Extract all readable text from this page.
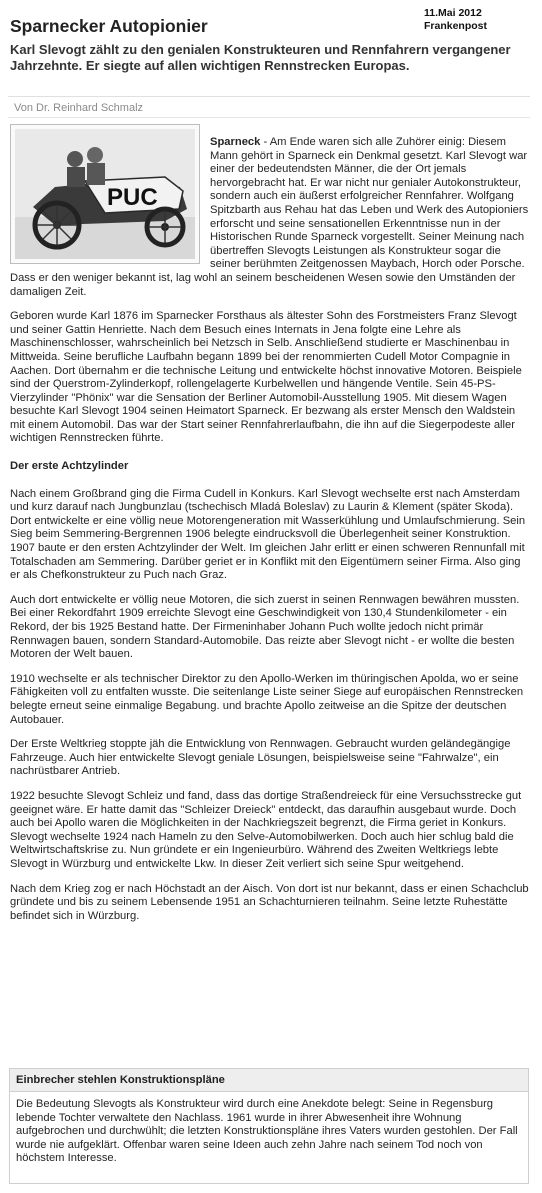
11.Mai 2012
Frankenpost
Sparnecker Autopionier
Karl Slevogt zählt zu den genialen Konstrukteuren und Rennfahrern vergangener Jahrzehnte. Er siegte auf allen wichtigen Rennstrecken Europas.
Von Dr. Reinhard Schmalz
PUC

Sparneck - Am Ende waren sich alle Zuhörer einig: Diesem Mann gehört in Sparneck ein Denkmal gesetzt. Karl Slevogt war einer der bedeutendsten Männer, die der Ort jemals hervorgebracht hat. Er war nicht nur genialer Autokonstrukteur, sondern auch ein äußerst erfolgreicher Rennfahrer. Wolfgang Spitzbarth aus Rehau hat das Leben und Werk des Autopioniers erforscht und seine sensationellen Erkenntnisse nun in der Historischen Runde Sparneck vorgestellt. Seiner Meinung nach übertreffen Slevogts Leistungen als Konstrukteur sogar die seiner berühmten Zeitgenossen Maybach, Horch oder Porsche. Dass er den weniger bekannt ist, lag wohl an seinem bescheidenen Wesen sowie den Umständen der damaligen Zeit.

Geboren wurde Karl 1876 im Sparnecker Forsthaus als ältester Sohn des Forstmeisters Franz Slevogt und seiner Gattin Henriette. Nach dem Besuch eines Internats in Jena folgte eine Lehre als Maschinenschlosser, wahrscheinlich bei Netzsch in Selb. Anschließend studierte er Maschinenbau in Mittweida. Seine berufliche Laufbahn begann 1899 bei der renommierten Cudell Motor Compagnie in Aachen. Dort übernahm er die technische Leitung und entwickelte höchst innovative Motoren. Beispiele sind der Querstrom-Zylinderkopf, rollengelagerte Kurbelwellen und hängende Ventile. Sein 45-PS-Vierzylinder "Phönix" war die Sensation der Berliner Automobil-Ausstellung 1905. Mit diesem Wagen besuchte Karl Slevogt 1904 seinen Heimatort Sparneck. Er bezwang als erster Mensch den Waldstein mit einem Automobil. Das war der Start seiner Rennfahrerlaufbahn, die ihn auf die Siegerpodeste aller wichtigen Rennstrecken führte.

Der erste Achtzylinder

Nach einem Großbrand ging die Firma Cudell in Konkurs. Karl Slevogt wechselte erst nach Amsterdam und kurz darauf nach Jungbunzlau (tschechisch Mladá Boleslav) zu Laurin & Klement (später Skoda). Dort entwickelte er eine völlig neue Motorengeneration mit Wasserkühlung und Umlaufschmierung. Sein Sieg beim Semmering-Bergrennen 1906 belegte eindrucksvoll die Überlegenheit seiner Konstruktion. 1907 baute er den ersten Achtzylinder der Welt. Im gleichen Jahr erlitt er einen schweren Rennunfall mit Totalschaden am Semmering. Darüber geriet er in Konflikt mit den Eigentümern seiner Firma. Also ging er als Chefkonstrukteur zu Puch nach Graz.

Auch dort entwickelte er völlig neue Motoren, die sich zuerst in seinen Rennwagen bewähren mussten. Bei einer Rekordfahrt 1909 erreichte Slevogt eine Geschwindigkeit von 130,4 Stundenkilometer - ein Rekord, der bis 1925 Bestand hatte. Der Firmeninhaber Johann Puch wollte jedoch nicht primär Rennwagen bauen, sondern Standard-Automobile. Das reizte aber Slevogt nicht - er wollte die besten Motoren der Welt bauen.

1910 wechselte er als technischer Direktor zu den Apollo-Werken im thüringischen Apolda, wo er seine Fähigkeiten voll zu entfalten wusste. Die seitenlange Liste seiner Siege auf europäischen Rennstrecken belegte erneut seine einmalige Begabung. und brachte Apollo zeitweise an die Spitze der deutschen Autobauer.

Der Erste Weltkrieg stoppte jäh die Entwicklung von Rennwagen. Gebraucht wurden geländegängige Fahrzeuge. Auch hier entwickelte Slevogt geniale Lösungen, beispielsweise seine "Fahrwalze", ein nachrüstbarer Antrieb.

1922 besuchte Slevogt Schleiz und fand, dass das dortige Straßendreieck für eine Versuchsstrecke gut geeignet wäre. Er hatte damit das "Schleizer Dreieck" entdeckt, das daraufhin ausgebaut wurde. Doch auch bei Apollo waren die Möglichkeiten in der Nachkriegszeit begrenzt, die Firma geriet in Konkurs. Slevogt wechselte 1924 nach Hameln zu den Selve-Automobilwerken. Doch auch hier schlug bald die Weltwirtschaftskrise zu. Nun gründete er ein Ingenieurbüro. Während des Zweiten Weltkriegs lebte Slevogt in Würzburg und entwickelte Lkw. In dieser Zeit verliert sich seine Spur weitgehend.

Nach dem Krieg zog er nach Höchstadt an der Aisch. Von dort ist nur bekannt, dass er einen Schachclub gründete und bis zu seinem Lebensende 1951 an Schachturnieren teilnahm. Seine letzte Ruhestätte befindet sich in Würzburg.

Einbrecher stehlen Konstruktionspläne
Die Bedeutung Slevogts als Konstrukteur wird durch eine Anekdote belegt: Seine in Regensburg lebende Tochter verwaltete den Nachlass. 1961 wurde in ihrer Abwesenheit ihre Wohnung aufgebrochen und durchwühlt; die letzten Konstruktionspläne ihres Vaters wurden gestohlen. Der Fall wurde nie aufgeklärt. Offenbar waren seine Ideen auch zehn Jahre nach seinem Tod noch von höchstem Interesse.
